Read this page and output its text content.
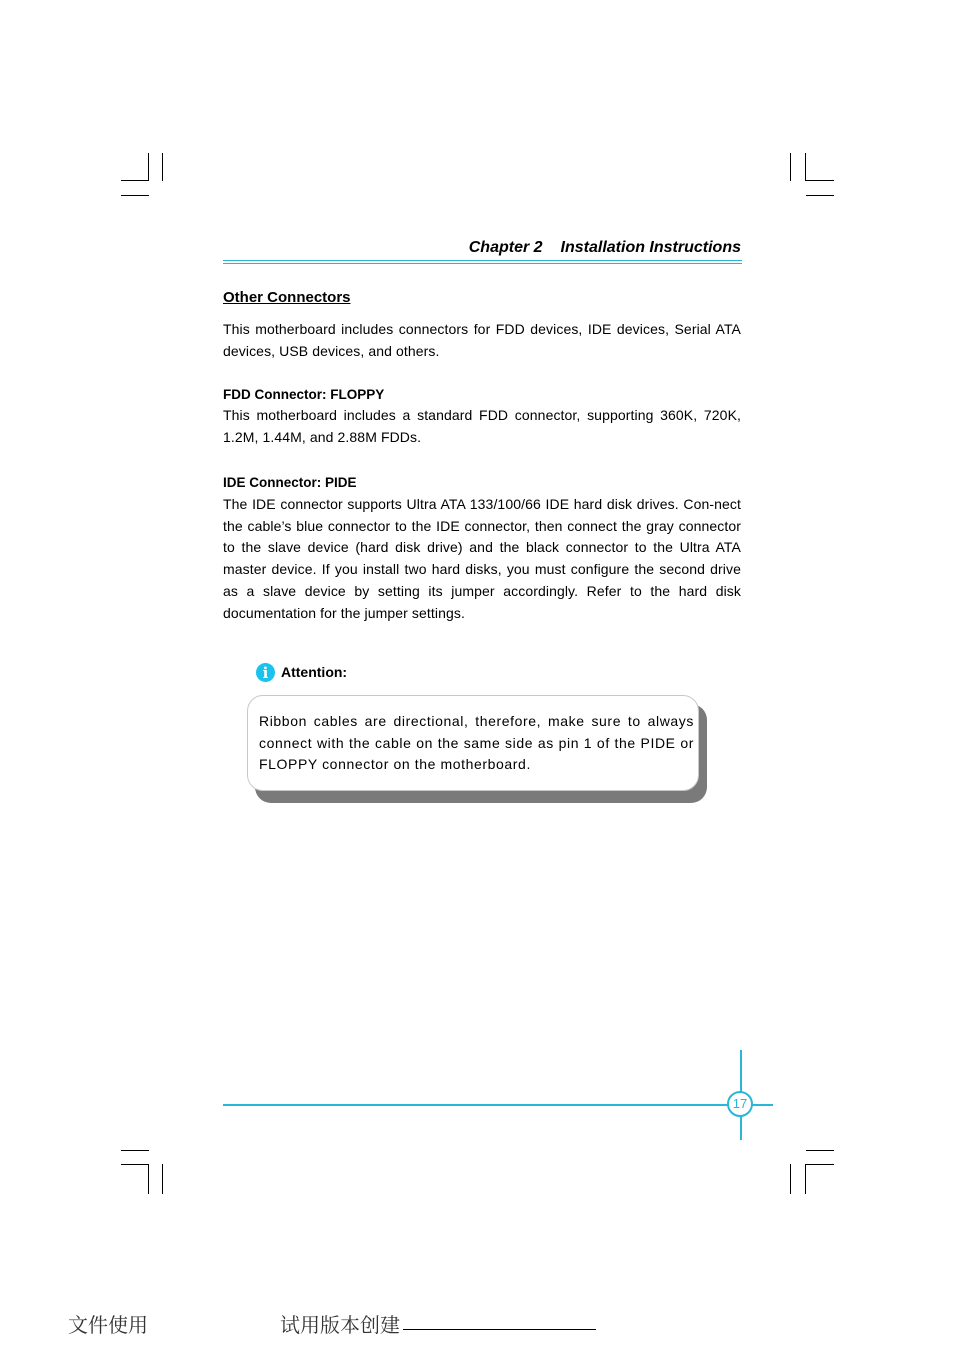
Chapter 2 Installation Instructions
Other Connectors
This motherboard includes connectors for FDD devices, IDE devices, Serial ATA devices, USB devices, and others.
FDD Connector: FLOPPY
This motherboard includes a standard FDD connector, supporting 360K, 720K, 1.2M, 1.44M, and 2.88M FDDs.
IDE Connector: PIDE
The IDE connector supports Ultra ATA 133/100/66 IDE hard disk drives. Con-nect the cable’s blue connector to the IDE connector, then connect the gray connector to the slave device (hard disk drive) and the black connector to the Ultra ATA master device. If you install two hard disks, you must configure the second drive as a slave device by setting its jumper accordingly. Refer to the hard disk documentation for the jumper settings.
i Attention:
Ribbon cables are directional, therefore, make sure to always connect with the cable on the same side as pin 1 of the PIDE or FLOPPY connector on the motherboard.
17
文件使用	试用版本创建
